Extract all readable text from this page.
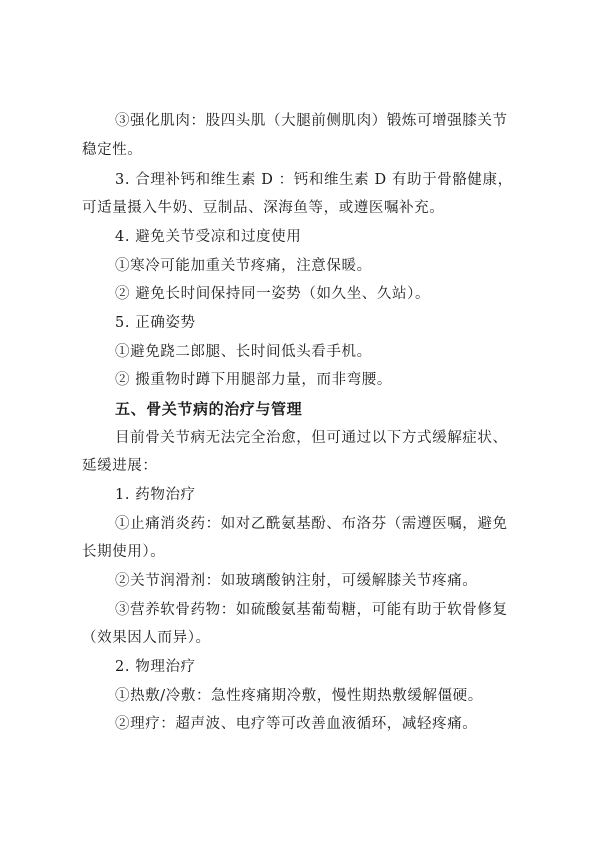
③强化肌肉：股四头肌（大腿前侧肌肉）锻炼可增强膝关节
稳定性。
3. 合理补钙和维生素 D ：钙和维生素 D 有助于骨骼健康，
可适量摄入牛奶、豆制品、深海鱼等，或遵医嘱补充。
4. 避免关节受凉和过度使用
①寒冷可能加重关节疼痛，注意保暖。
② 避免长时间保持同一姿势（如久坐、久站）。
5. 正确姿势
①避免跷二郎腿、长时间低头看手机。
② 搬重物时蹲下用腿部力量，而非弯腰。
五、骨关节病的治疗与管理
目前骨关节病无法完全治愈，但可通过以下方式缓解症状、
延缓进展：
1. 药物治疗
①止痛消炎药：如对乙酰氨基酚、布洛芬（需遵医嘱，避免
长期使用）。
②关节润滑剂：如玻璃酸钠注射，可缓解膝关节疼痛。
③营养软骨药物：如硫酸氨基葡萄糖，可能有助于软骨修复
（效果因人而异）。
2. 物理治疗
①热敷/冷敷：急性疼痛期冷敷，慢性期热敷缓解僵硬。
②理疗：超声波、电疗等可改善血液循环，减轻疼痛。
